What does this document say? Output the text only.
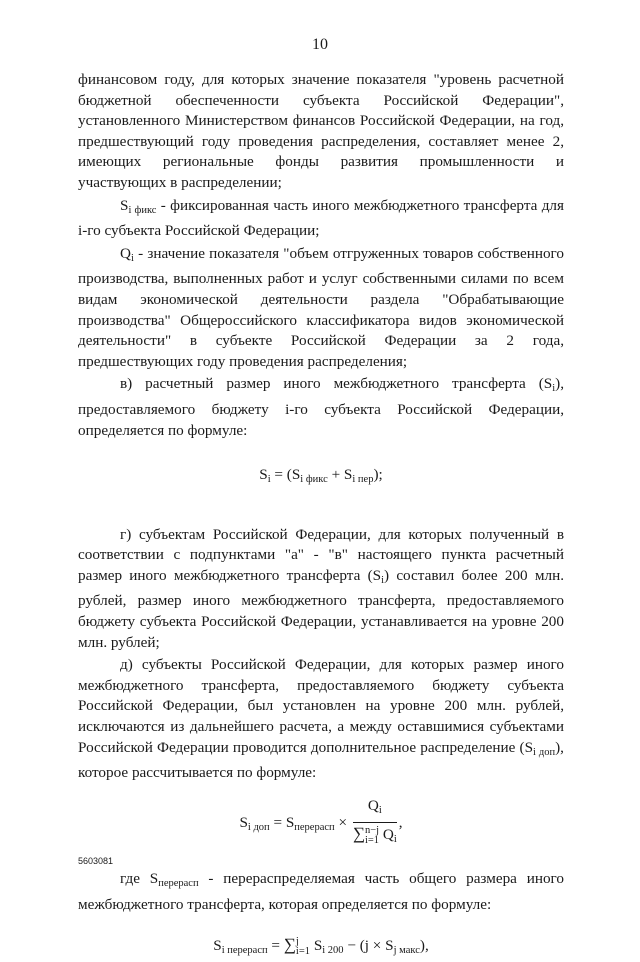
10

финансовом году, для которых значение показателя "уровень расчетной бюджетной обеспеченности субъекта Российской Федерации", установленного Министерством финансов Российской Федерации, на год, предшествующий году проведения распределения, составляет менее 2, имеющих региональные фонды развития промышленности и участвующих в распределении;

$S_{i фикс}$ - фиксированная часть иного межбюджетного трансферта для i-го субъекта Российской Федерации;

$Q_i$ - значение показателя "объем отгруженных товаров собственного производства, выполненных работ и услуг собственными силами по всем видам экономической деятельности раздела "Обрабатывающие производства" Общероссийского классификатора видов экономической деятельности" в субъекте Российской Федерации за 2 года, предшествующих году проведения распределения;

в) расчетный размер иного межбюджетного трансферта $(S_i)$, предоставляемого бюджету i-го субъекта Российской Федерации, определяется по формуле:

$S_i = (S_{i фикс} + S_{i пер})$;

г) субъектам Российской Федерации, для которых полученный в соответствии с подпунктами "а" - "в" настоящего пункта расчетный размер иного межбюджетного трансферта $(S_i)$ составил более 200 млн. рублей, размер иного межбюджетного трансферта, предоставляемого бюджету субъекта Российской Федерации, устанавливается на уровне 200 млн. рублей;

д) субъекты Российской Федерации, для которых размер иного межбюджетного трансферта, предоставляемого бюджету субъекта Российской Федерации, был установлен на уровне 200 млн. рублей, исключаются из дальнейшего расчета, а между оставшимися субъектами Российской Федерации проводится дополнительное распределение $(S_{i доп})$, которое рассчитывается по формуле:

$S_{i доп} = S_{перерасп} \times Q_i$
∑ n−j
i=1 $Q_i$ ,

где $S_{перерасп}$ - перераспределяемая часть общего размера иного межбюджетного трансферта, которая определяется по формуле:

$S_{i перерасп}$ = ∑ j
i=1 $S_{i 200} - (j \times S_{j макс})$,

5603081
